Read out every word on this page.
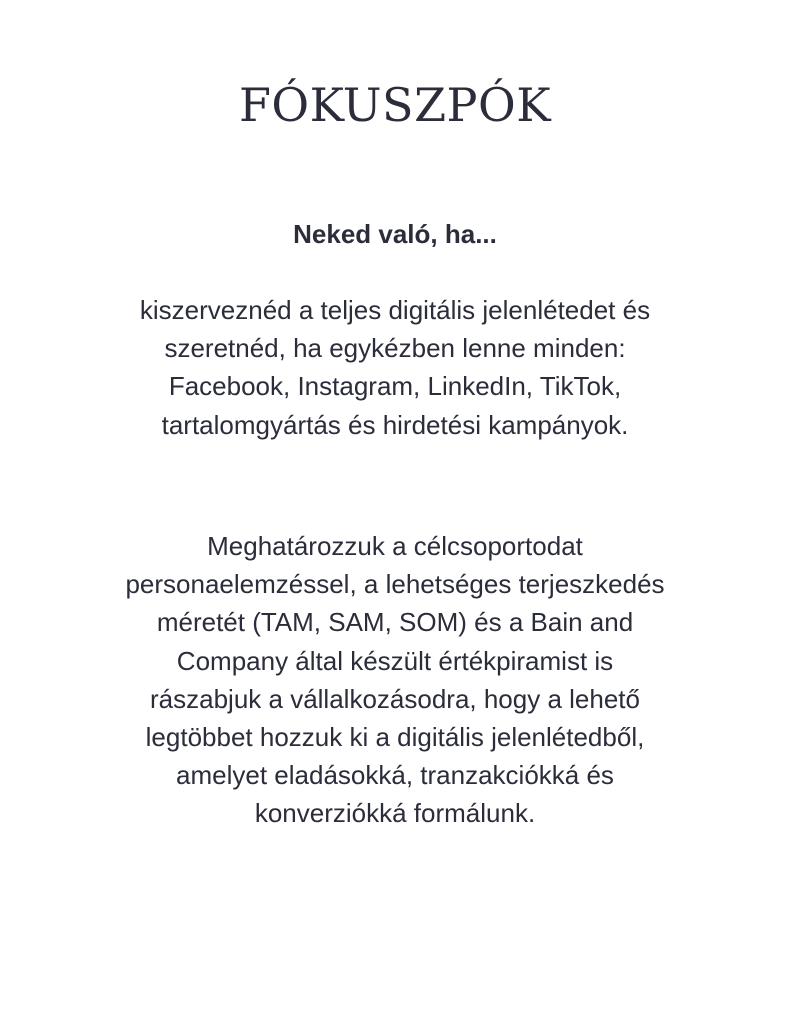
FÓKUSZPÓK
Neked való, ha...

kiszerveznéd a teljes digitális jelenlétedet és szeretnéd, ha egykézben lenne minden: Facebook, Instagram, LinkedIn, TikTok, tartalomgyártás és hirdetési kampányok.

Meghatározzuk a célcsoportodat personaelemzéssel, a lehetséges terjeszkedés méretét (TAM, SAM, SOM) és a Bain and Company által készült értékpiramist is rászabjuk a vállalkozásodra, hogy a lehető legtöbbet hozzuk ki a digitális jelenlétedből, amelyet eladásokká, tranzakciókká és konverziókká formálunk.
